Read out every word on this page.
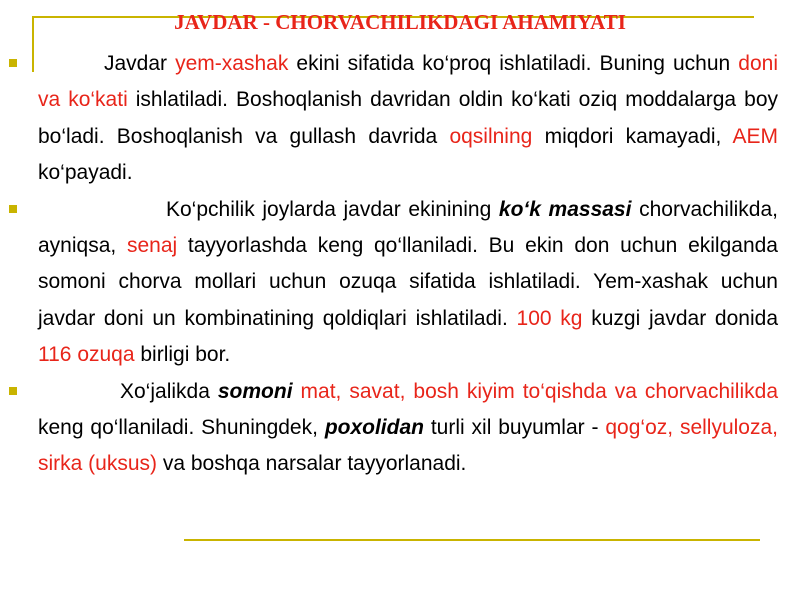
JAVDAR - CHORVACHILIKDAGI AHAMIYATI

Javdar yem-xashak ekini sifatida ko‘proq ishlatiladi. Buning uchun doni va ko‘kati ishlatiladi. Boshoqlanish davridan oldin ko‘kati oziq moddalarga boy bo‘ladi. Boshoqlanish va gullash davrida oqsilning miqdori kamayadi, AEM ko‘payadi.

Ko‘pchilik joylarda javdar ekinining ko‘k massasi chorvachilikda, ayniqsa, senaj tayyorlashda keng qo‘llaniladi. Bu ekin don uchun ekilganda somoni chorva mollari uchun ozuqa sifatida ishlatiladi. Yem-xashak uchun javdar doni un kombinatining qoldiqlari ishlatiladi. 100 kg kuzgi javdar donida 116 ozuqa birligi bor.

Xo‘jalikda somoni mat, savat, bosh kiyim to‘qishda va chorvachilikda keng qo‘llaniladi. Shuningdek, poxolidan turli xil buyumlar - qog‘oz, sellyuloza, sirka (uksus) va boshqa narsalar tayyorlanadi.
